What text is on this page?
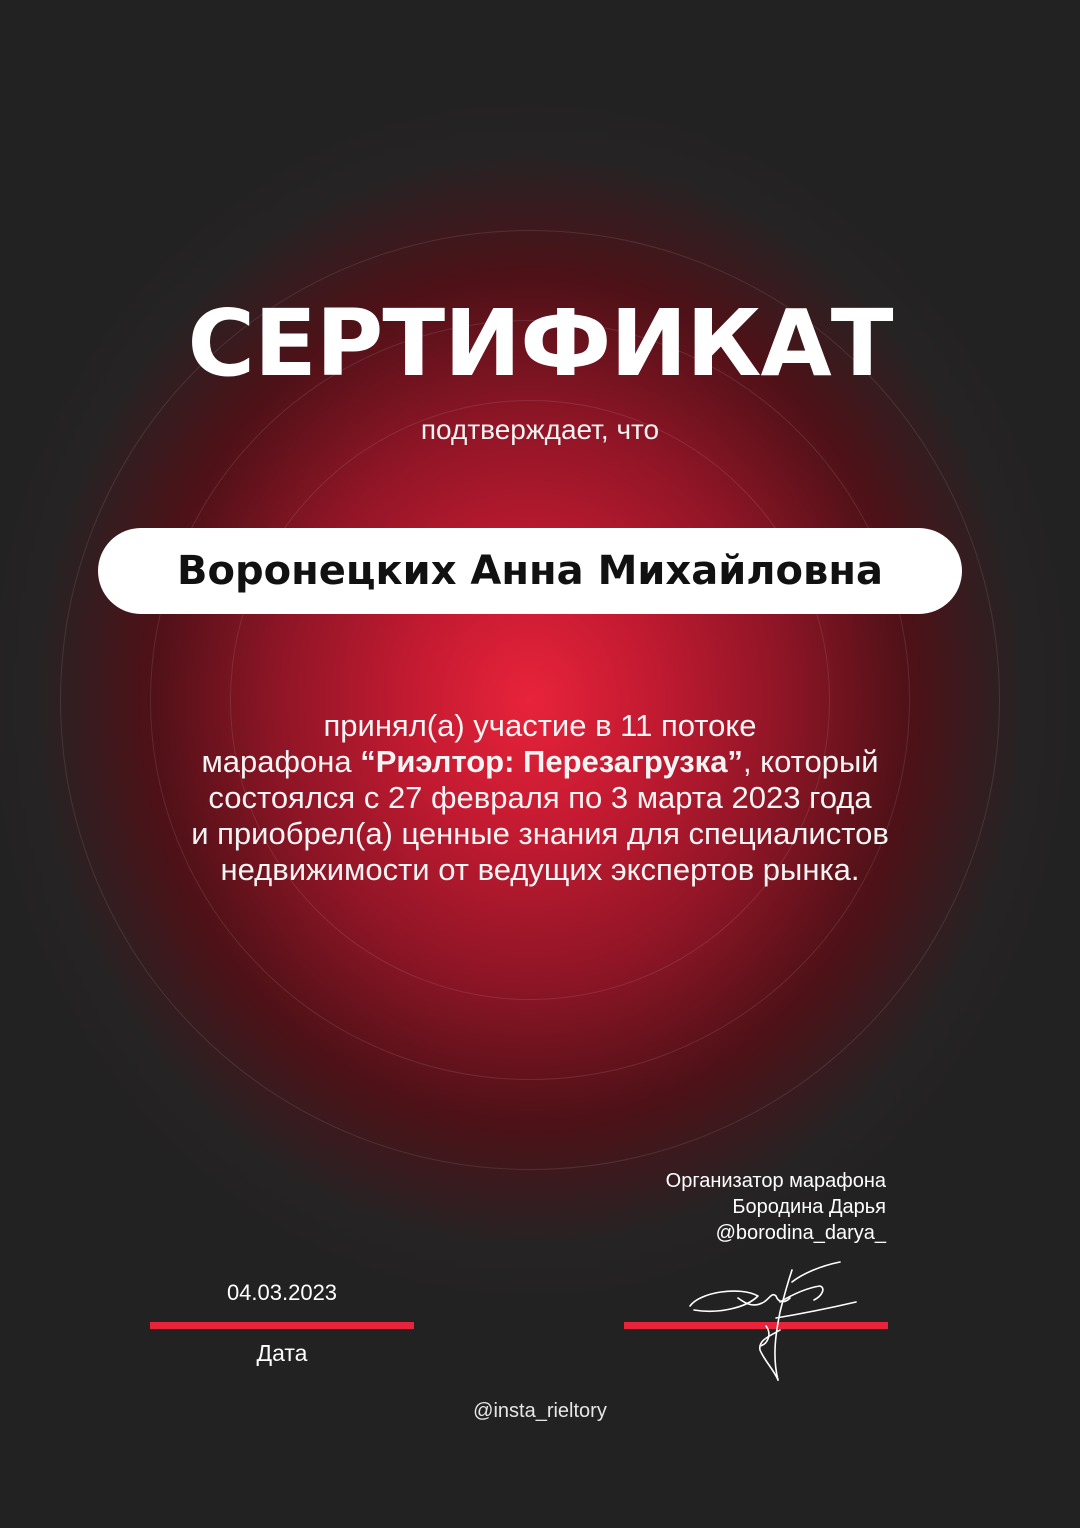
СЕРТИФИКАТ
подтверждает, что
Воронецких Анна Михайловна
принял(а) участие в 11 потоке
марафона “Риэлтор: Перезагрузка”, который
состоялся с 27 февраля по 3 марта 2023 года
и приобрел(а) ценные знания для специалистов
недвижимости от ведущих экспертов рынка.
Организатор марафона
Бородина Дарья
@borodina_darya_
04.03.2023
Дата
@insta_rieltory
